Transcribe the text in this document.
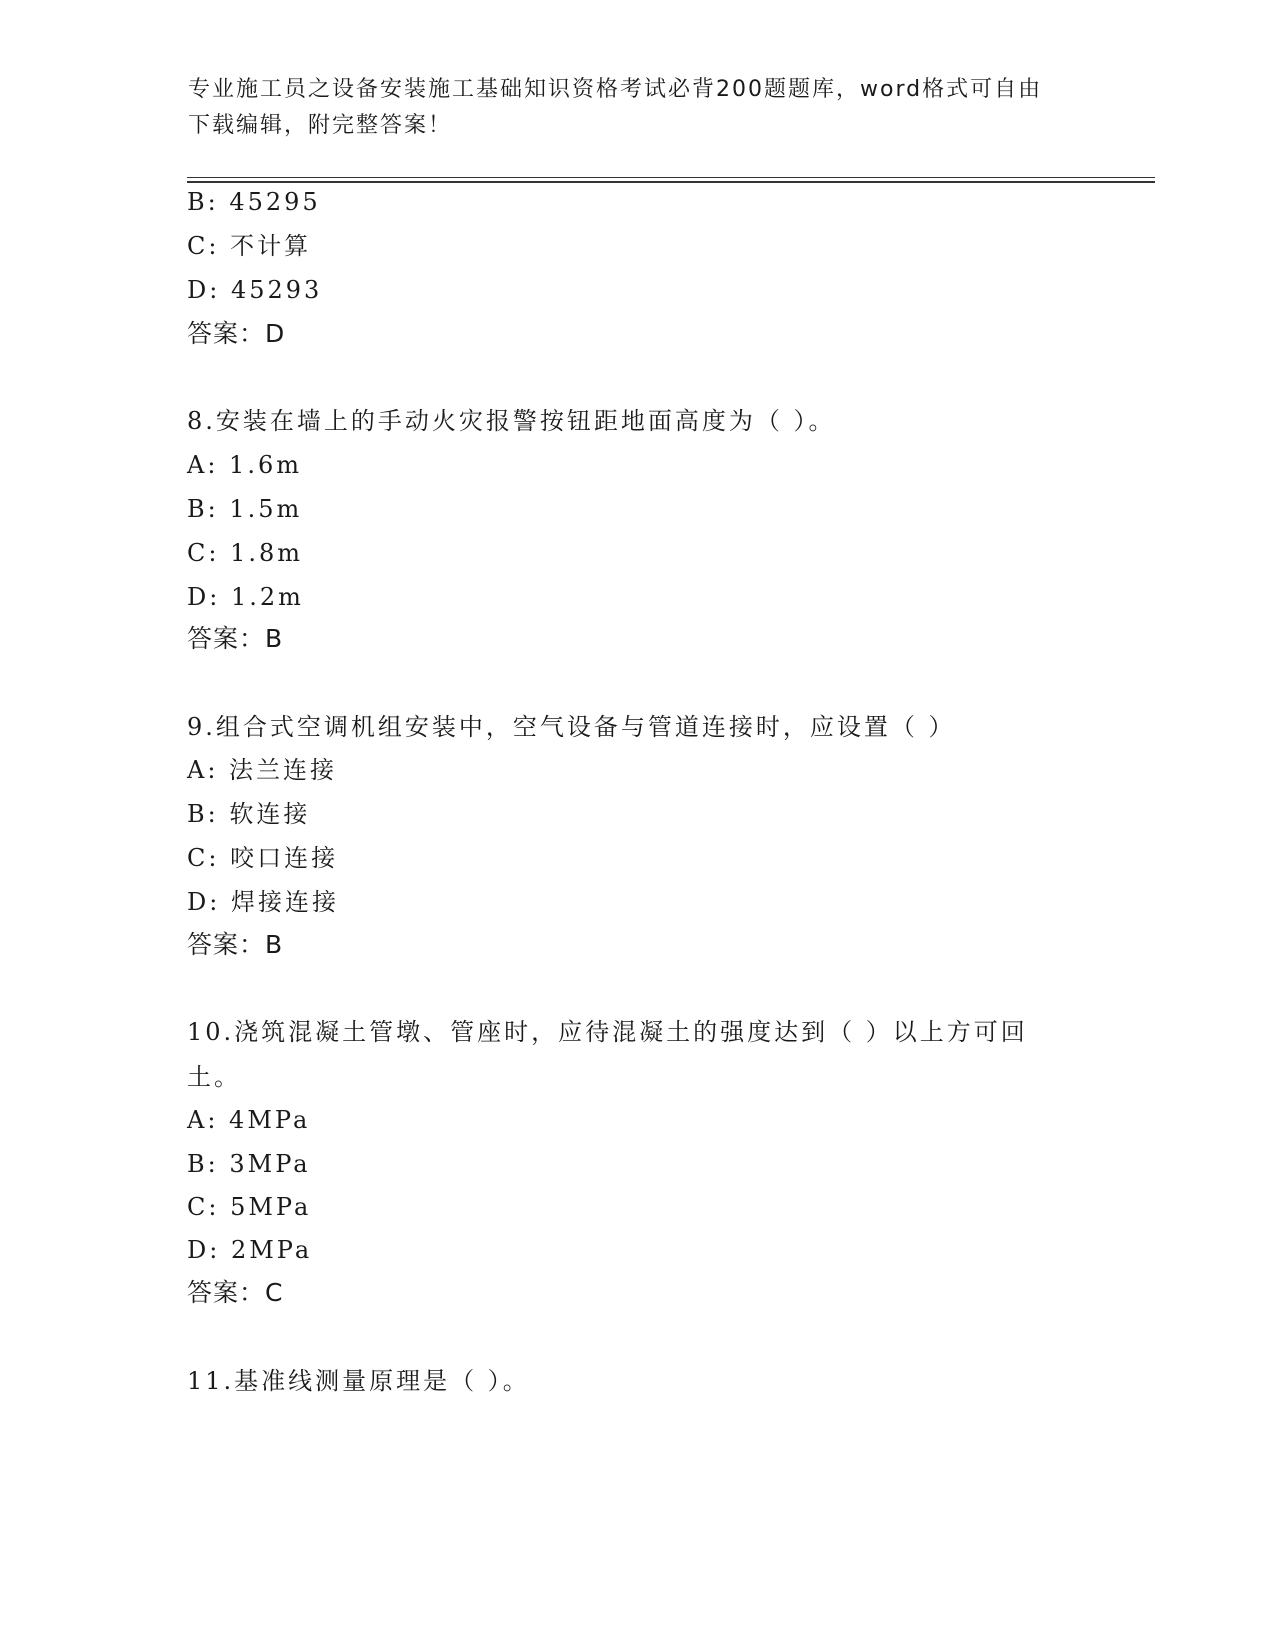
专业施工员之设备安装施工基础知识资格考试必背200题题库，word格式可自由
下载编辑，附完整答案！
B: 45295
C: 不计算
D: 45293
答案：D
8.安装在墙上的手动火灾报警按钮距地面高度为（ ）。
A: 1.6m
B: 1.5m
C: 1.8m
D: 1.2m
答案：B
9.组合式空调机组安装中，空气设备与管道连接时，应设置（ ）
A: 法兰连接
B: 软连接
C: 咬口连接
D: 焊接连接
答案：B
10.浇筑混凝土管墩、管座时，应待混凝土的强度达到（ ）以上方可回土。
A: 4MPa
B: 3MPa
C: 5MPa
D: 2MPa
答案：C
11.基准线测量原理是（ ）。
